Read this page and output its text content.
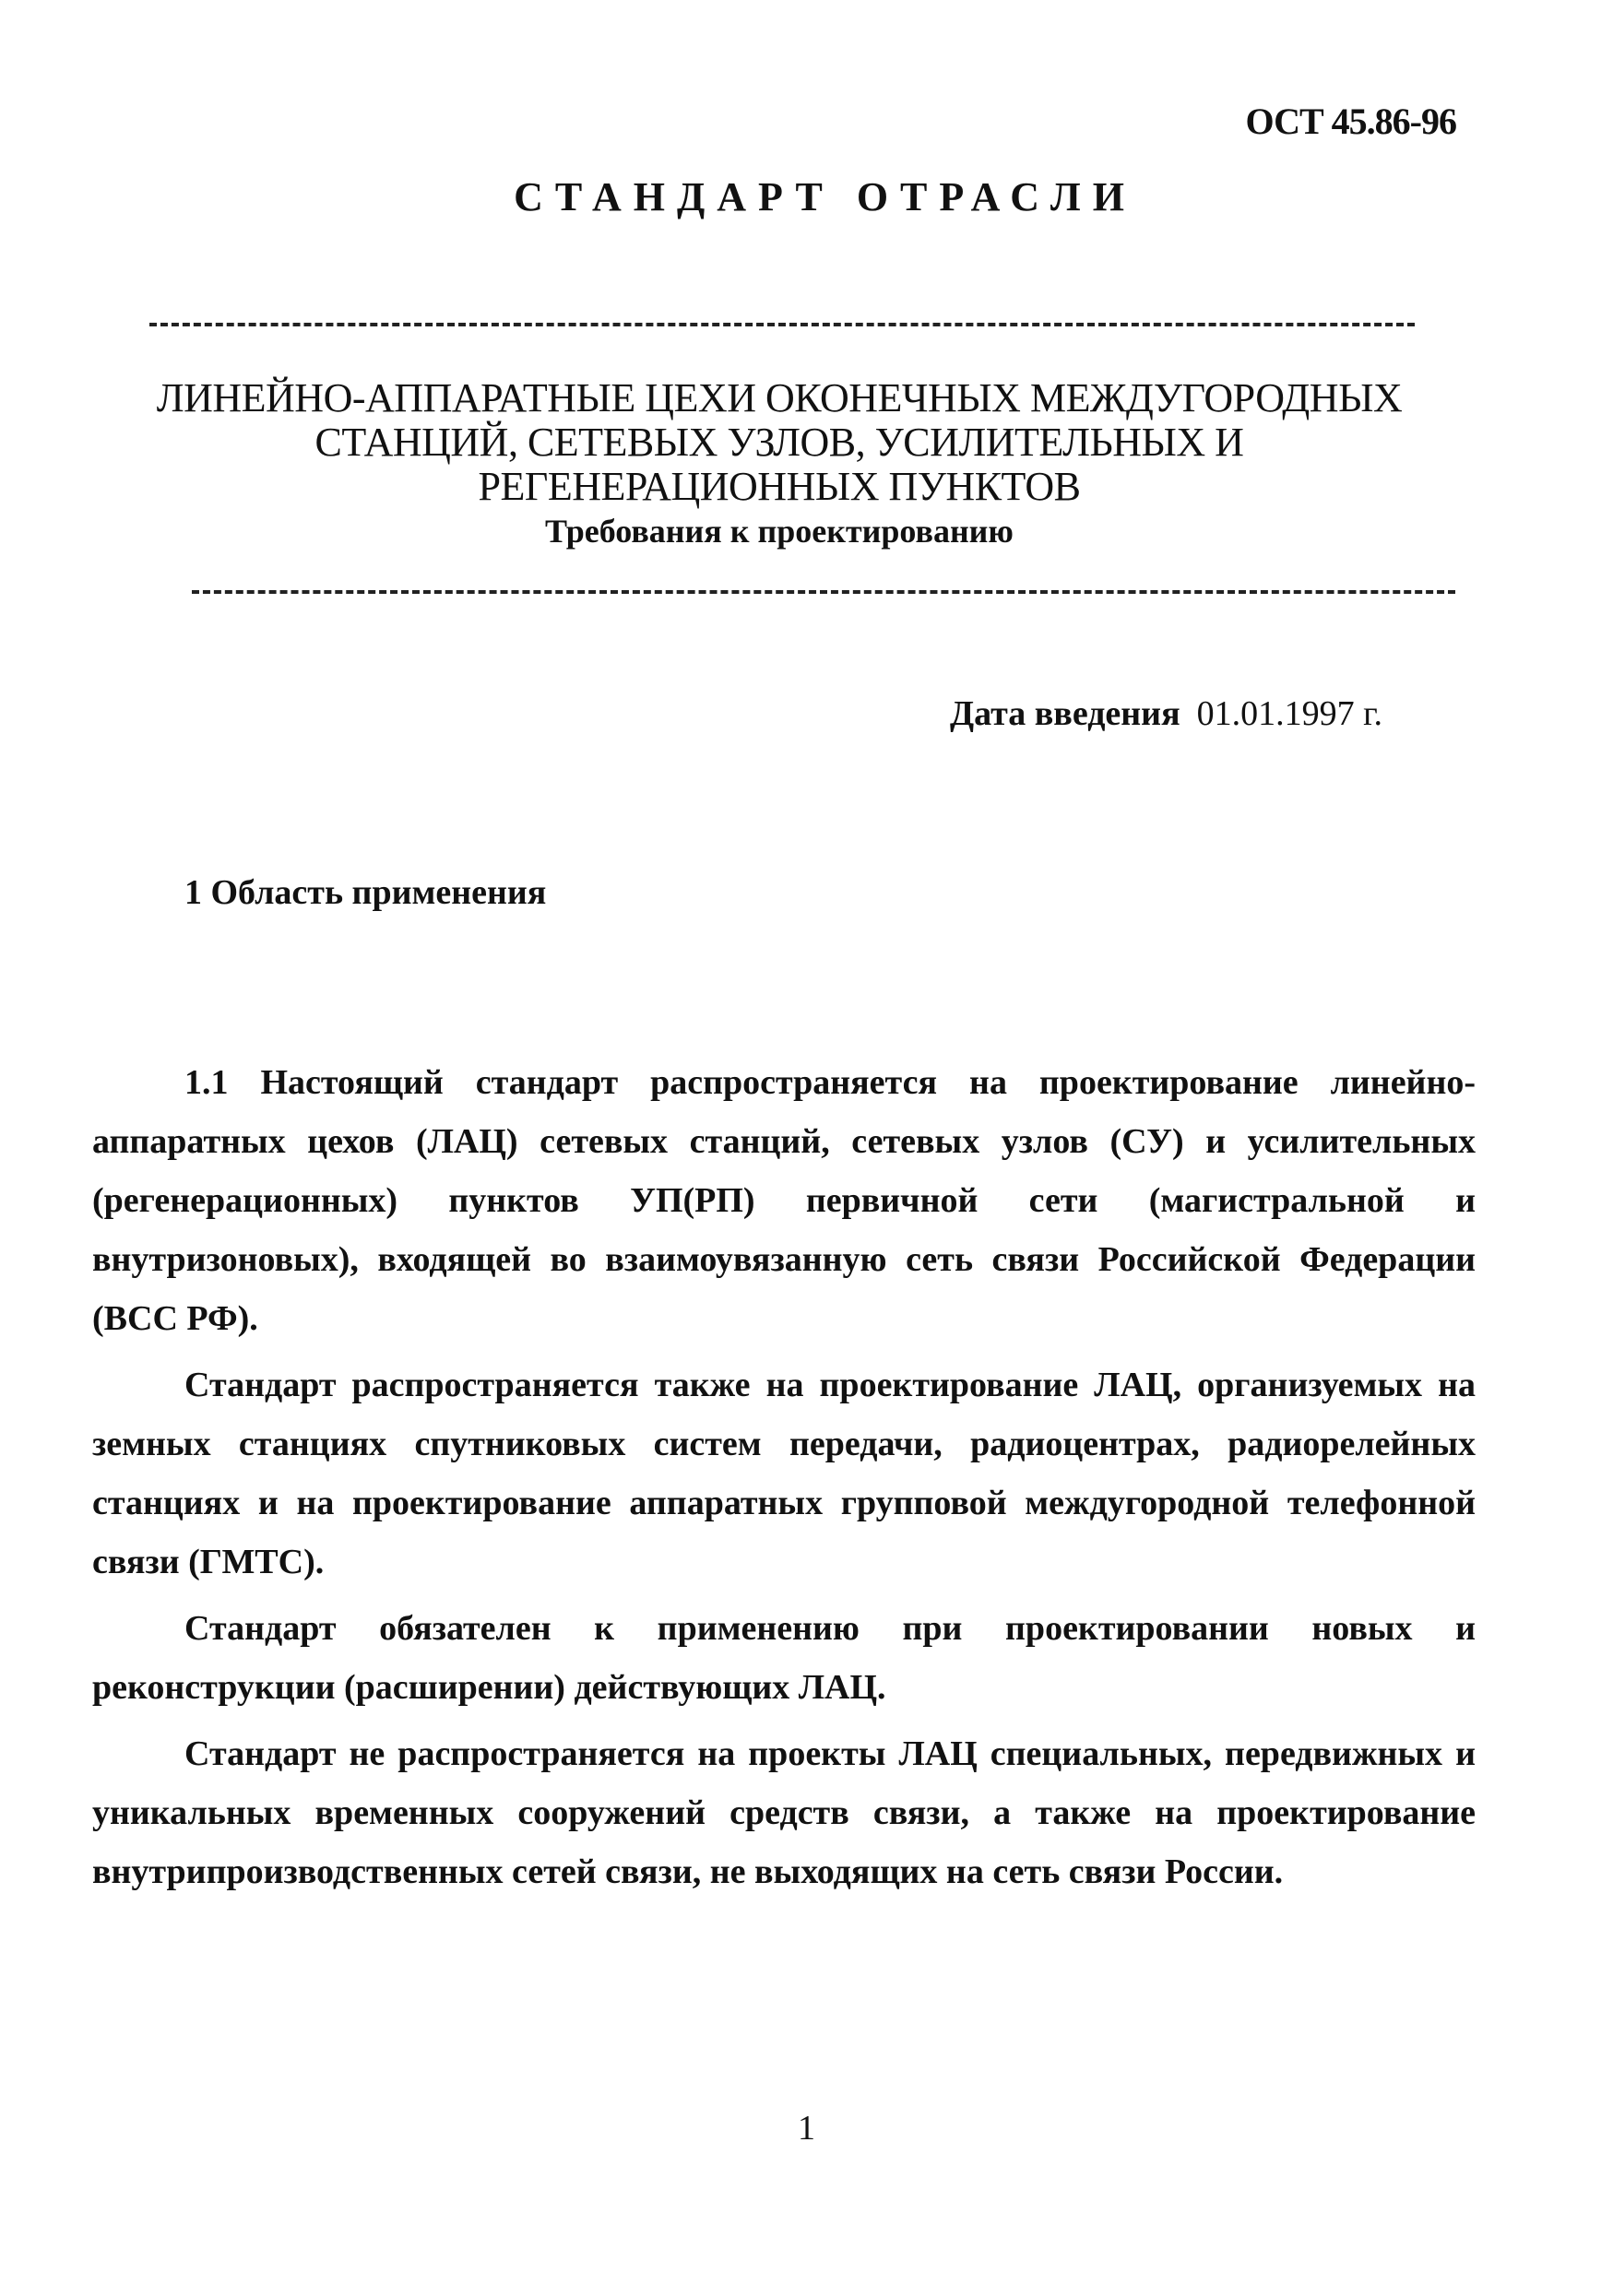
ОСТ 45.86-96
СТАНДАРТ ОТРАСЛИ
ЛИНЕЙНО-АППАРАТНЫЕ ЦЕХИ ОКОНЕЧНЫХ МЕЖДУГОРОДНЫХ
СТАНЦИЙ, СЕТЕВЫХ УЗЛОВ, УСИЛИТЕЛЬНЫХ И
РЕГЕНЕРАЦИОННЫХ ПУНКТОВ
Требования к проектированию
Дата введения 01.01.1997 г.
1 Область применения

1.1 Настоящий стандарт распространяется на проектирование линейно-аппаратных цехов (ЛАЦ) сетевых станций, сетевых узлов (СУ) и усилительных (регенерационных) пунктов УП(РП) первичной сети (магистральной и внутризоновых), входящей во взаимоувязанную сеть связи Российской Федерации (ВСС РФ).

Стандарт распространяется также на проектирование ЛАЦ, организуемых на земных станциях спутниковых систем передачи, радиоцентрах, радиорелейных станциях и на проектирование аппаратных групповой междугородной телефонной связи (ГМТС).

Стандарт обязателен к применению при проектировании новых и реконструкции (расширении) действующих ЛАЦ.

Стандарт не распространяется на проекты ЛАЦ специальных, передвижных и уникальных временных сооружений средств связи, а также на проектирование внутрипроизводственных сетей связи, не выходящих на сеть связи России.

1
